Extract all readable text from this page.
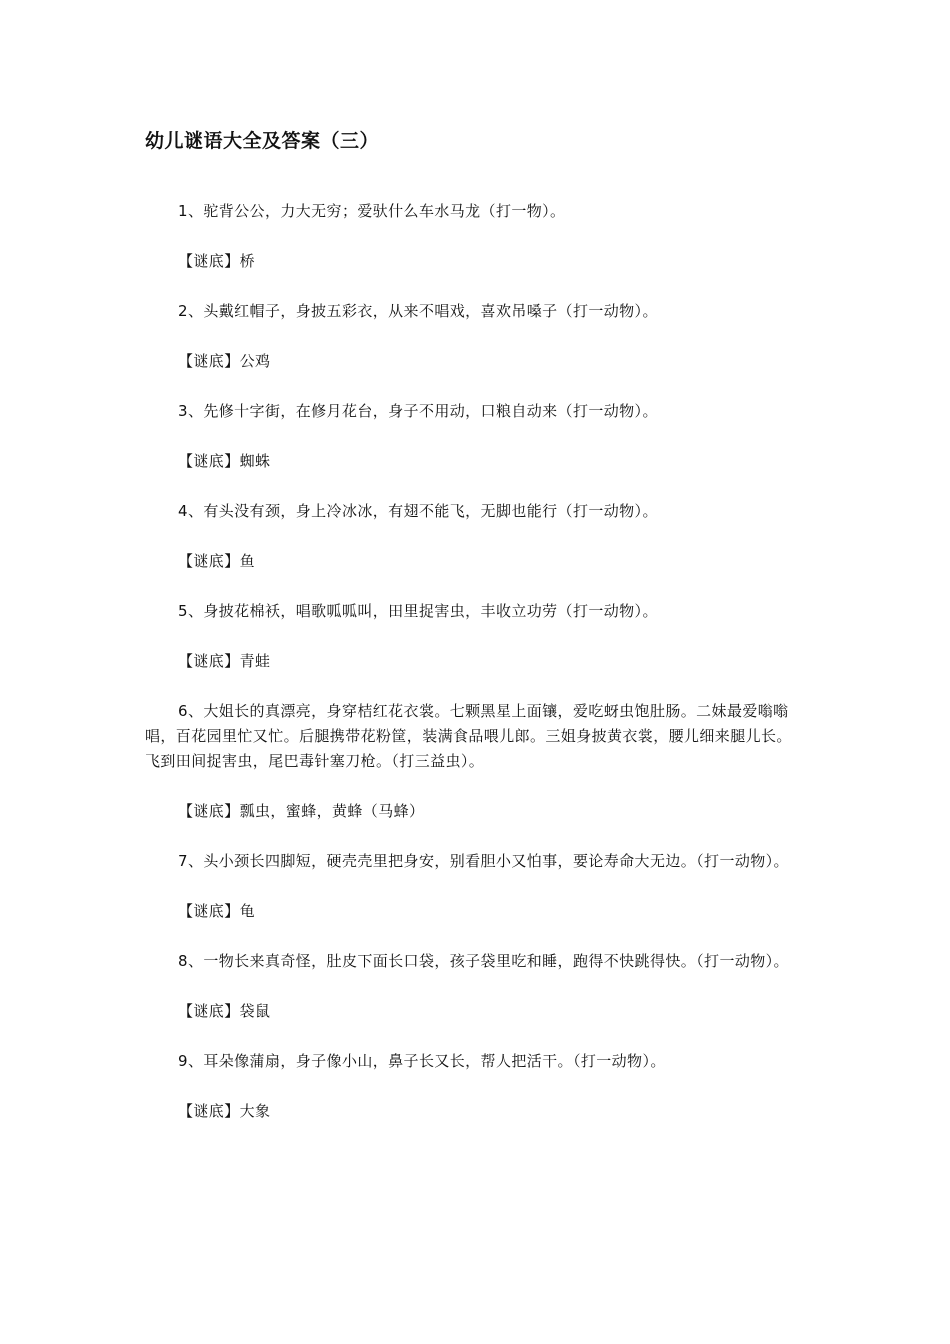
幼儿谜语大全及答案（三）

1、驼背公公，力大无穷；爱驮什么车水马龙（打一物）。

【谜底】桥

2、头戴红帽子，身披五彩衣，从来不唱戏，喜欢吊嗓子（打一动物）。

【谜底】公鸡

3、先修十字街，在修月花台，身子不用动，口粮自动来（打一动物）。

【谜底】蜘蛛

4、有头没有颈，身上冷冰冰，有翅不能飞，无脚也能行（打一动物）。

【谜底】鱼

5、身披花棉袄，唱歌呱呱叫，田里捉害虫，丰收立功劳（打一动物）。

【谜底】青蛙

6、大姐长的真漂亮，身穿桔红花衣裳。七颗黑星上面镶，爱吃蚜虫饱肚肠。二妹最爱嗡嗡唱，百花园里忙又忙。后腿携带花粉筐，装满食品喂儿郎。三姐身披黄衣裳，腰儿细来腿儿长。飞到田间捉害虫，尾巴毒针塞刀枪。（打三益虫）。

【谜底】瓢虫，蜜蜂，黄蜂（马蜂）

7、头小颈长四脚短，硬壳壳里把身安，别看胆小又怕事，要论寿命大无边。（打一动物）。

【谜底】龟

8、一物长来真奇怪，肚皮下面长口袋，孩子袋里吃和睡，跑得不快跳得快。（打一动物）。

【谜底】袋鼠

9、耳朵像蒲扇，身子像小山，鼻子长又长，帮人把活干。（打一动物）。

【谜底】大象
